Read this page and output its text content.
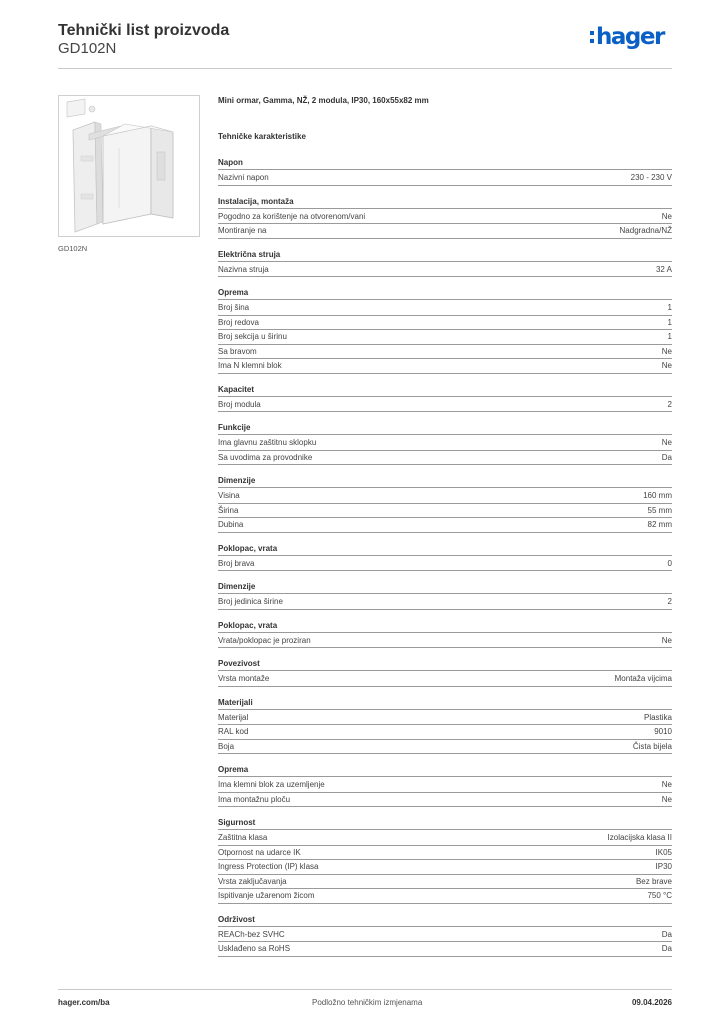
Tehnički list proizvoda
GD102N	hager
GD102N
Mini ormar, Gamma, NŽ, 2 modula, IP30, 160x55x82 mm
Tehničke karakteristike
Napon
Nazivni napon	230 - 230 V
Instalacija, montaža
Pogodno za korištenje na otvorenom/vani	Ne
Montiranje na	Nadgradna/NŽ
Električna struja
Nazivna struja	32 A
Oprema
Broj šina	1
Broj redova	1
Broj sekcija u širinu	1
Sa bravom	Ne
Ima N klemni blok	Ne
Kapacitet
Broj modula	2
Funkcije
Ima glavnu zaštitnu sklopku	Ne
Sa uvodima za provodnike	Da
Dimenzije
Visina	160 mm
Širina	55 mm
Dubina	82 mm
Poklopac, vrata
Broj brava	0
Dimenzije
Broj jedinica širine	2
Poklopac, vrata
Vrata/poklopac je proziran	Ne
Povezivost
Vrsta montaže	Montaža vijcima
Materijali
Materijal	Plastika
RAL kod	9010
Boja	Čista bijela
Oprema
Ima klemni blok za uzemljenje	Ne
Ima montažnu ploču	Ne
Sigurnost
Zaštitna klasa	Izolacijska klasa II
Otpornost na udarce IK	IK05
Ingress Protection (IP) klasa	IP30
Vrsta zaključavanja	Bez brave
Ispitivanje užarenom žicom	750 °C
Održivost
REACh-bez SVHC	Da
Usklađeno sa RoHS	Da
hager.com/ba	Podložno tehničkim izmjenama	09.04.2026
